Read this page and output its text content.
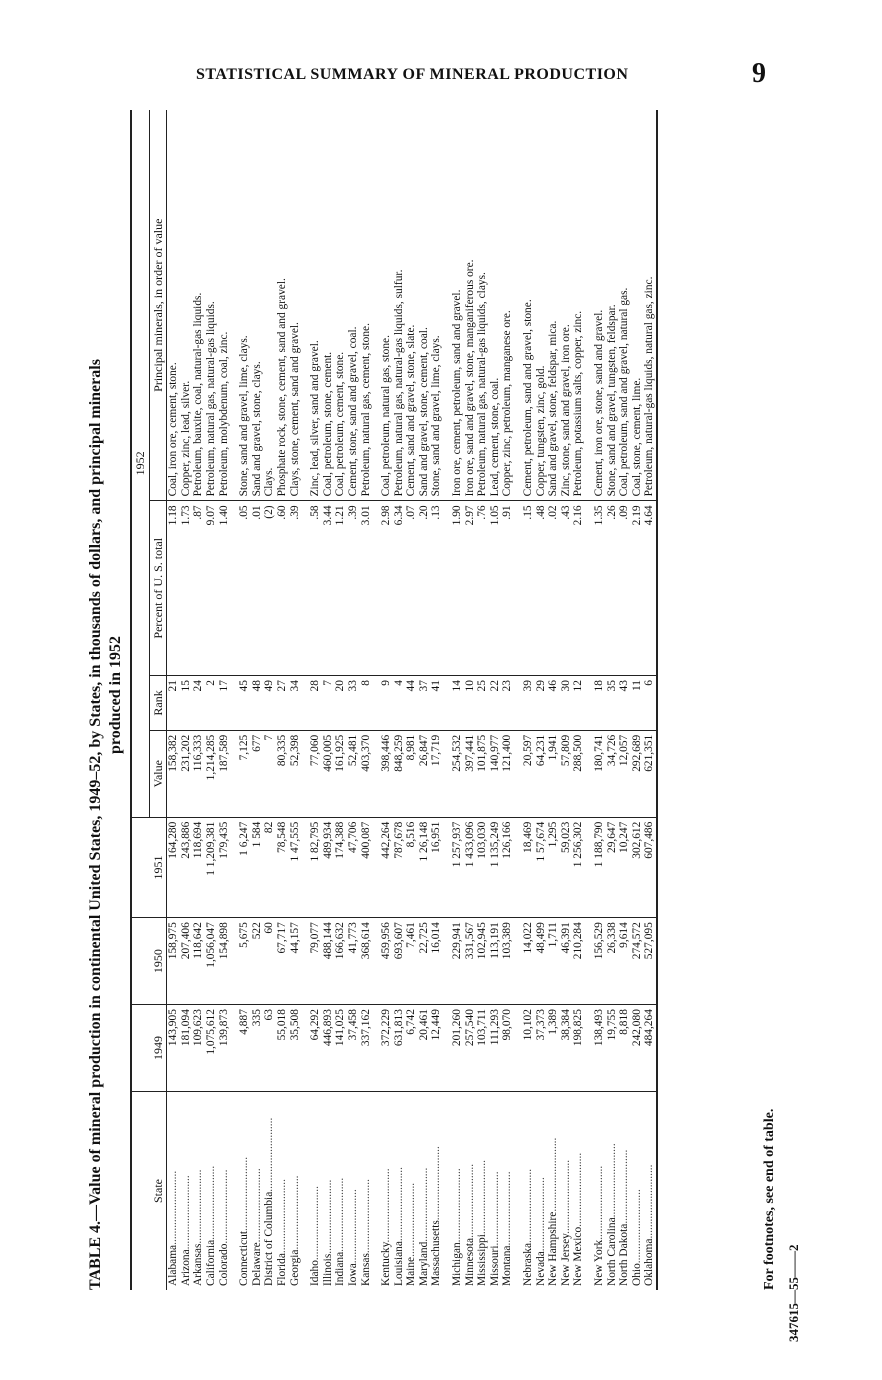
STATISTICAL SUMMARY OF MINERAL PRODUCTION	9
TABLE 4.—Value of mineral production in continental United States, 1949–52, by States, in thousands of dollars, and principal minerals produced in 1952
State	1949	1950	1951	1952			
				Value	Rank	Percent of U. S. total	Principal minerals, in order of value
Alabama..........................	143,905	158,975	164,280	158,382	21	1.18	Coal, iron ore, cement, stone.
Arizona..........................	181,094	207,406	243,886	231,202	15	1.73	Copper, zinc, lead, silver.
Arkansas..........................	109,623	118,642	118,694	116,333	24	.87	Petroleum, bauxite, coal, natural-gas liquids.
California..........................	1,075,612	1,056,047	1 1,209,381	1,214,285	2	9.07	Petroleum, natural gas, natural-gas liquids.
Colorado..........................	139,873	154,898	179,435	187,589	17	1.40	Petroleum, molybdenum, coal, zinc.

Connecticut..........................	4,887	5,675	1 6,247	7,125	45	.05	Stone, sand and gravel, lime, clays.
Delaware..........................	335	522	1 584	677	48	.01	Sand and gravel, stone, clays.
District of Columbia..........................	63	60	82	7	49	(2)	Clays.
Florida..........................	55,018	67,717	78,548	80,335	27	.60	Phosphate rock, stone, cement, sand and gravel.
Georgia..........................	35,508	44,157	1 47,555	52,398	34	.39	Clays, stone, cement, sand and gravel.

Idaho..........................	64,292	79,077	1 82,795	77,060	28	.58	Zinc, lead, silver, sand and gravel.
Illinois..........................	446,893	488,144	489,934	460,005	7	3.44	Coal, petroleum, stone, cement.
Indiana..........................	141,025	166,632	174,388	161,925	20	1.21	Coal, petroleum, cement, stone.
Iowa..........................	37,458	41,773	47,706	52,481	33	.39	Cement, stone, sand and gravel, coal.
Kansas..........................	337,162	368,614	400,087	403,370	8	3.01	Petroleum, natural gas, cement, stone.

Kentucky..........................	372,229	459,956	442,264	398,446	9	2.98	Coal, petroleum, natural gas, stone.
Louisiana..........................	631,813	693,607	787,678	848,259	4	6.34	Petroleum, natural gas, natural-gas liquids, sulfur.
Maine..........................	6,742	7,461	8,516	8,981	44	.07	Cement, sand and gravel, stone, slate.
Maryland..........................	20,461	22,725	1 26,148	26,847	37	.20	Sand and gravel, stone, cement, coal.
Massachusetts..........................	12,449	16,014	16,951	17,719	41	.13	Stone, sand and gravel, lime, clays.

Michigan..........................	201,260	229,941	1 257,937	254,532	14	1.90	Iron ore, cement, petroleum, sand and gravel.
Minnesota..........................	257,540	331,567	1 433,096	397,441	10	2.97	Iron ore, sand and gravel, stone, manganiferous ore.
Mississippi..........................	103,711	102,945	103,030	101,875	25	.76	Petroleum, natural gas, natural-gas liquids, clays.
Missouri..........................	111,293	113,191	1 135,249	140,977	22	1.05	Lead, cement, stone, coal.
Montana..........................	98,070	103,389	126,166	121,400	23	.91	Copper, zinc, petroleum, manganese ore.

Nebraska..........................	10,102	14,022	18,469	20,597	39	.15	Cement, petroleum, sand and gravel, stone.
Nevada..........................	37,373	48,499	1 57,674	64,231	29	.48	Copper, tungsten, zinc, gold.
New Hampshire..........................	1,389	1,711	1,295	1,941	46	.02	Sand and gravel, stone, feldspar, mica.
New Jersey..........................	38,384	46,391	59,023	57,809	30	.43	Zinc, stone, sand and gravel, iron ore.
New Mexico..........................	198,825	210,284	1 256,302	288,500	12	2.16	Petroleum, potassium salts, copper, zinc.

New York..........................	138,493	156,529	1 188,790	180,741	18	1.35	Cement, iron ore, stone, sand and gravel.
North Carolina..........................	19,755	26,338	29,647	34,726	35	.26	Stone, sand and gravel, tungsten, feldspar.
North Dakota..........................	8,818	9,614	10,247	12,057	43	.09	Coal, petroleum, sand and gravel, natural gas.
Ohio..........................	242,080	274,572	302,612	292,689	11	2.19	Coal, stone, cement, lime.
Oklahoma..........................	484,264	527,095	607,486	621,351	6	4.64	Petroleum, natural-gas liquids, natural gas, zinc.
For footnotes, see end of table.
347615—55——2
